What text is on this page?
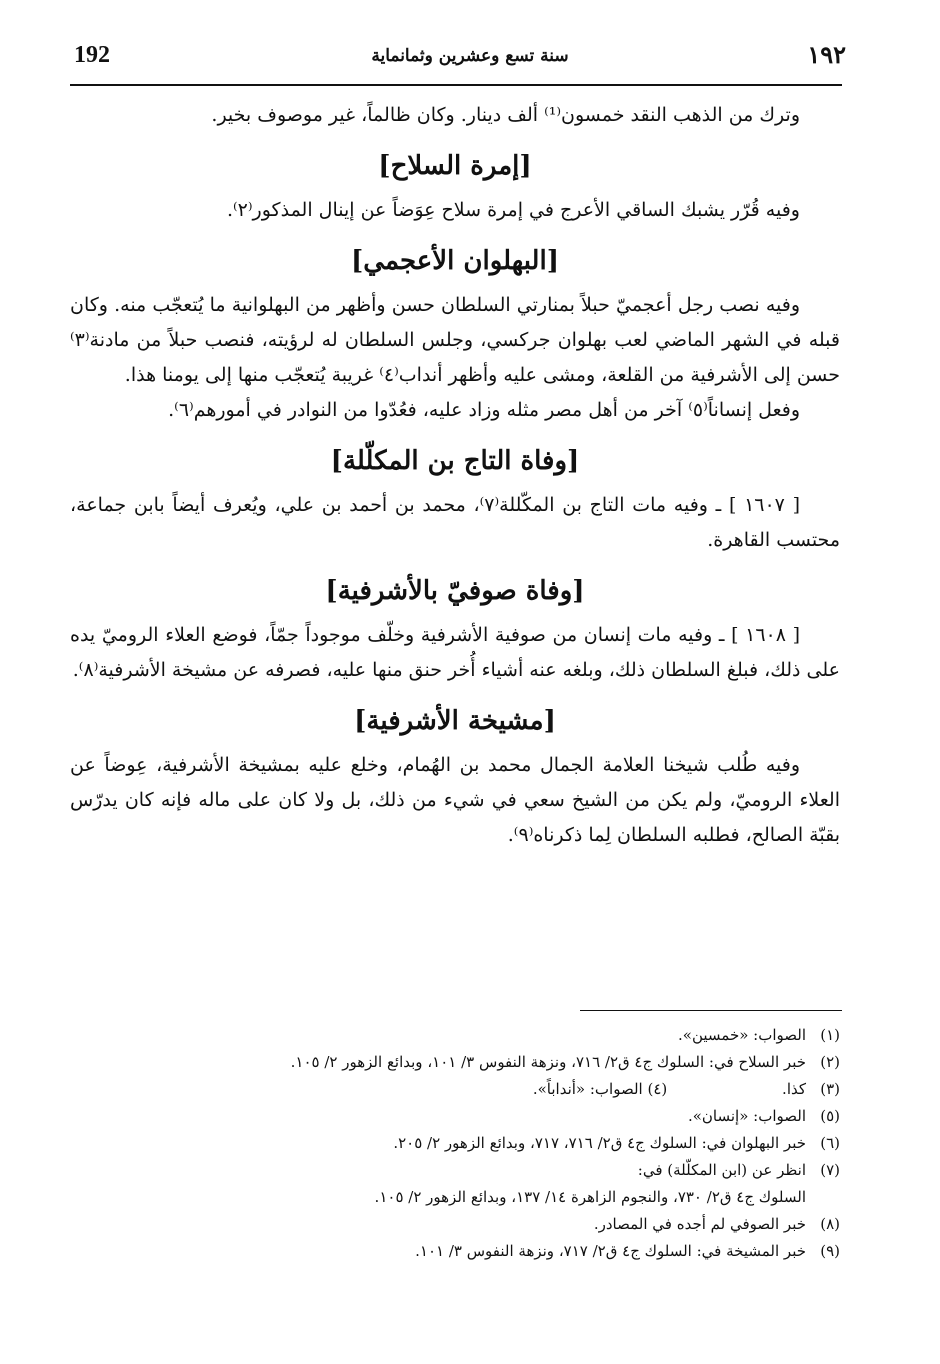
192	سنة تسع وعشرين وثمانماية	١٩٢

وترك من الذهب النقد خمسون⁽¹⁾ ألف دينار. وكان ظالماً، غير موصوف بخير.

[إمرة السلاح]

وفيه قُرّر يشبك الساقي الأعرج في إمرة سلاح عِوَضاً عن إينال المذكور⁽٢⁾.

[البهلوان الأعجمي]

وفيه نصب رجل أعجميّ حبلاً بمنارتي السلطان حسن وأظهر من البهلوانية ما يُتعجّب منه. وكان قبله في الشهر الماضي لعب بهلوان جركسي، وجلس السلطان له لرؤيته، فنصب حبلاً من مادنة⁽٣⁾ حسن إلى الأشرفية من القلعة، ومشى عليه وأظهر أنداب⁽٤⁾ غريبة يُتعجّب منها إلى يومنا هذا.

وفعل إنساناً⁽٥⁾ آخر من أهل مصر مثله وزاد عليه، فعُدّوا من النوادر في أمورهم⁽٦⁾.

[وفاة التاج بن المكلّلة]

[ ١٦٠٧ ] ـ وفيه مات التاج بن المكّللة⁽٧⁾، محمد بن أحمد بن علي، ويُعرف أيضاً بابن جماعة، محتسب القاهرة.

[وفاة صوفيّ بالأشرفية]

[ ١٦٠٨ ] ـ وفيه مات إنسان من صوفية الأشرفية وخلّف موجوداً جمّاً، فوضع العلاء الروميّ يده على ذلك، فبلغ السلطان ذلك، وبلغه عنه أشياء أُخر حنق منها عليه، فصرفه عن مشيخة الأشرفية⁽٨⁾.

[مشيخة الأشرفية]

وفيه طُلب شيخنا العلامة الجمال محمد بن الهُمام، وخلع عليه بمشيخة الأشرفية، عِوضاً عن العلاء الروميّ، ولم يكن من الشيخ سعي في شيء من ذلك، بل ولا كان على ماله فإنه كان يدرّس بقبّة الصالح، فطلبه السلطان لِما ذكرناه⁽٩⁾.

(١)
الصواب: «خمسين».
(٢)
خبر السلاح في: السلوك ج٤ ق٢/ ٧١٦، ونزهة النفوس ٣/ ١٠١، وبدائع الزهور ٢/ ١٠٥.
(٣)
كذا. (٤) الصواب: «أنداباً».
(٥)
الصواب: «إنسان».
(٦)
خبر البهلوان في: السلوك ج٤ ق٢/ ٧١٦، ٧١٧، وبدائع الزهور ٢/ ٢٠٥.
(٧)
انظر عن (ابن المكلّلة) في:
السلوك ج٤ ق٢/ ٧٣٠، والنجوم الزاهرة ١٤/ ١٣٧، وبدائع الزهور ٢/ ١٠٥.
(٨)
خبر الصوفي لم أجده في المصادر.
(٩)
خبر المشيخة في: السلوك ج٤ ق٢/ ٧١٧، ونزهة النفوس ٣/ ١٠١.
